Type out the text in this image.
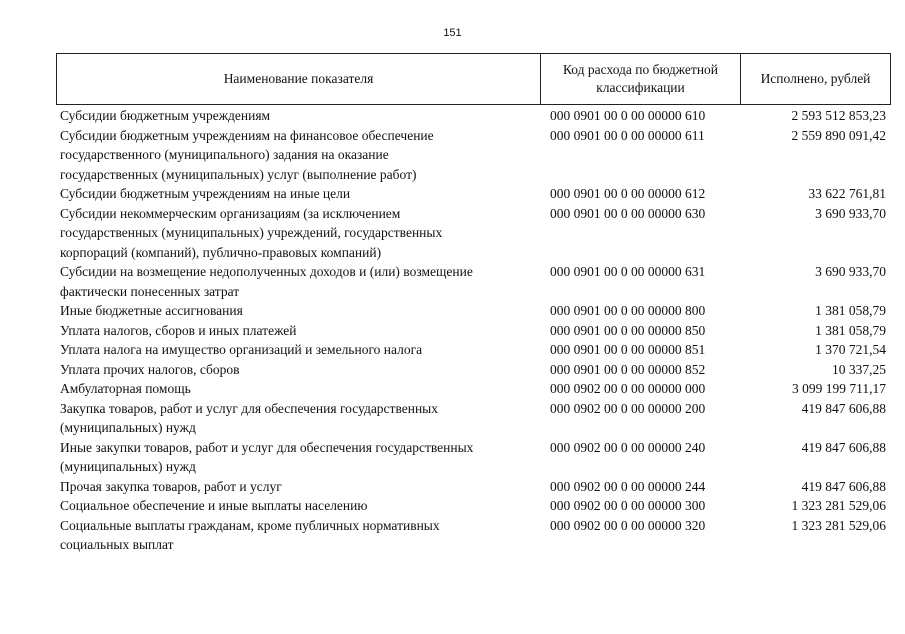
151
Наименование показателя
Код расхода по бюджетной
классификации
Исполнено, рублей
Субсидии бюджетным учреждениям	000 0901 00 0 00 00000 610	2 593 512 853,23
Субсидии бюджетным учреждениям на финансовое обеспечение
государственного (муниципального) задания на оказание
государственных (муниципальных) услуг (выполнение работ)
000 0901 00 0 00 00000 611	2 559 890 091,42
Субсидии бюджетным учреждениям на иные цели	000 0901 00 0 00 00000 612	33 622 761,81
Субсидии некоммерческим организациям (за исключением
государственных (муниципальных) учреждений, государственных
корпораций (компаний), публично-правовых компаний)
000 0901 00 0 00 00000 630	3 690 933,70
Субсидии на возмещение недополученных доходов и (или) возмещение
фактически понесенных затрат
000 0901 00 0 00 00000 631	3 690 933,70
Иные бюджетные ассигнования	000 0901 00 0 00 00000 800	1 381 058,79
Уплата налогов, сборов и иных платежей	000 0901 00 0 00 00000 850	1 381 058,79
Уплата налога на имущество организаций и земельного налога	000 0901 00 0 00 00000 851	1 370 721,54
Уплата прочих налогов, сборов	000 0901 00 0 00 00000 852	10 337,25
Амбулаторная помощь	000 0902 00 0 00 00000 000	3 099 199 711,17
Закупка товаров, работ и услуг для обеспечения государственных
(муниципальных) нужд
000 0902 00 0 00 00000 200	419 847 606,88
Иные закупки товаров, работ и услуг для обеспечения государственных
(муниципальных) нужд
000 0902 00 0 00 00000 240	419 847 606,88
Прочая закупка товаров, работ и услуг	000 0902 00 0 00 00000 244	419 847 606,88
Социальное обеспечение и иные выплаты населению	000 0902 00 0 00 00000 300	1 323 281 529,06
Социальные выплаты гражданам, кроме публичных нормативных
социальных выплат
000 0902 00 0 00 00000 320	1 323 281 529,06
